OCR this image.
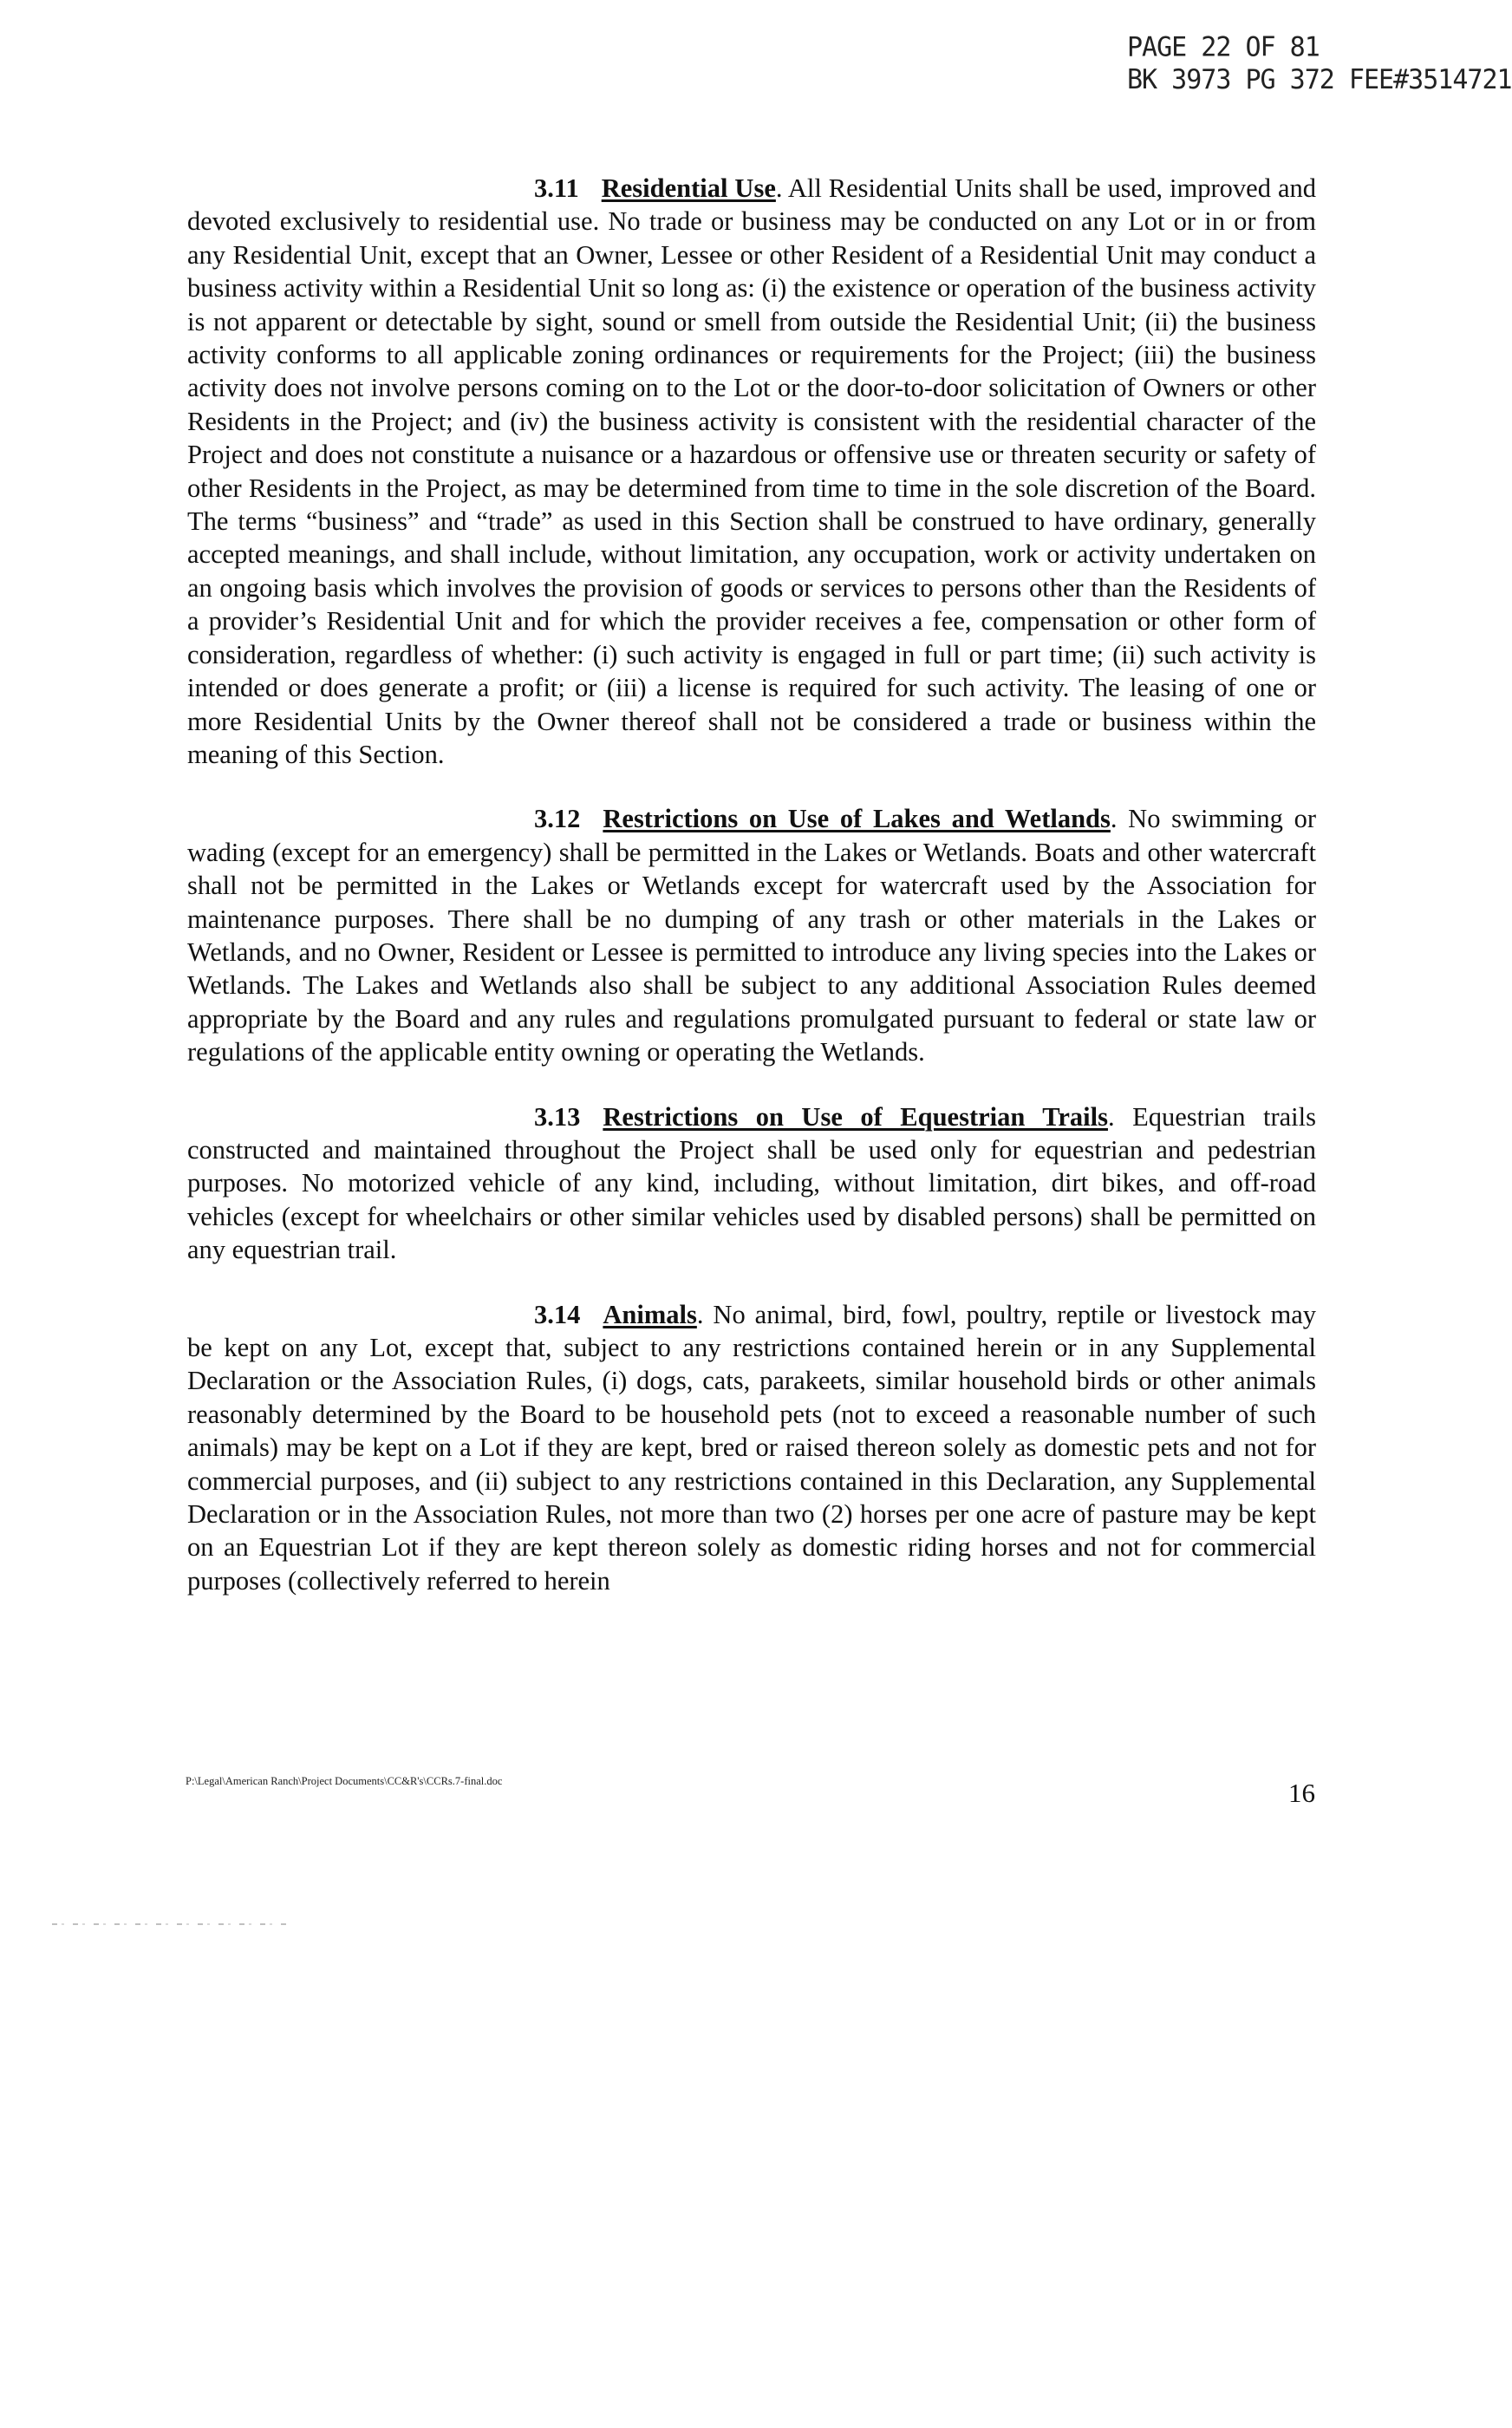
PAGE 22 OF 81
BK 3973 PG 372 FEE#3514721

3.11 Residential Use. All Residential Units shall be used, improved and devoted exclusively to residential use. No trade or business may be conducted on any Lot or in or from any Residential Unit, except that an Owner, Lessee or other Resident of a Residential Unit may conduct a business activity within a Residential Unit so long as: (i) the existence or operation of the business activity is not apparent or detectable by sight, sound or smell from outside the Residential Unit; (ii) the business activity conforms to all applicable zoning ordinances or requirements for the Project; (iii) the business activity does not involve persons coming on to the Lot or the door-to-door solicitation of Owners or other Residents in the Project; and (iv) the business activity is consistent with the residential character of the Project and does not constitute a nuisance or a hazardous or offensive use or threaten security or safety of other Residents in the Project, as may be determined from time to time in the sole discretion of the Board. The terms “business” and “trade” as used in this Section shall be construed to have ordinary, generally accepted meanings, and shall include, without limitation, any occupation, work or activity undertaken on an ongoing basis which involves the provision of goods or services to persons other than the Residents of a provider’s Residential Unit and for which the provider receives a fee, compensation or other form of consideration, regardless of whether: (i) such activity is engaged in full or part time; (ii) such activity is intended or does generate a profit; or (iii) a license is required for such activity. The leasing of one or more Residential Units by the Owner thereof shall not be considered a trade or business within the meaning of this Section.

3.12 Restrictions on Use of Lakes and Wetlands. No swimming or wading (except for an emergency) shall be permitted in the Lakes or Wetlands. Boats and other watercraft shall not be permitted in the Lakes or Wetlands except for watercraft used by the Association for maintenance purposes. There shall be no dumping of any trash or other materials in the Lakes or Wetlands, and no Owner, Resident or Lessee is permitted to introduce any living species into the Lakes or Wetlands. The Lakes and Wetlands also shall be subject to any additional Association Rules deemed appropriate by the Board and any rules and regulations promulgated pursuant to federal or state law or regulations of the applicable entity owning or operating the Wetlands.

3.13 Restrictions on Use of Equestrian Trails. Equestrian trails constructed and maintained throughout the Project shall be used only for equestrian and pedestrian purposes. No motorized vehicle of any kind, including, without limitation, dirt bikes, and off-road vehicles (except for wheelchairs or other similar vehicles used by disabled persons) shall be permitted on any equestrian trail.

3.14 Animals. No animal, bird, fowl, poultry, reptile or livestock may be kept on any Lot, except that, subject to any restrictions contained herein or in any Supplemental Declaration or the Association Rules, (i) dogs, cats, parakeets, similar household birds or other animals reasonably determined by the Board to be household pets (not to exceed a reasonable number of such animals) may be kept on a Lot if they are kept, bred or raised thereon solely as domestic pets and not for commercial purposes, and (ii) subject to any restrictions contained in this Declaration, any Supplemental Declaration or in the Association Rules, not more than two (2) horses per one acre of pasture may be kept on an Equestrian Lot if they are kept thereon solely as domestic riding horses and not for commercial purposes (collectively referred to herein

P:\Legal\American Ranch\Project Documents\CC&R's\CCRs.7-final.doc	16
